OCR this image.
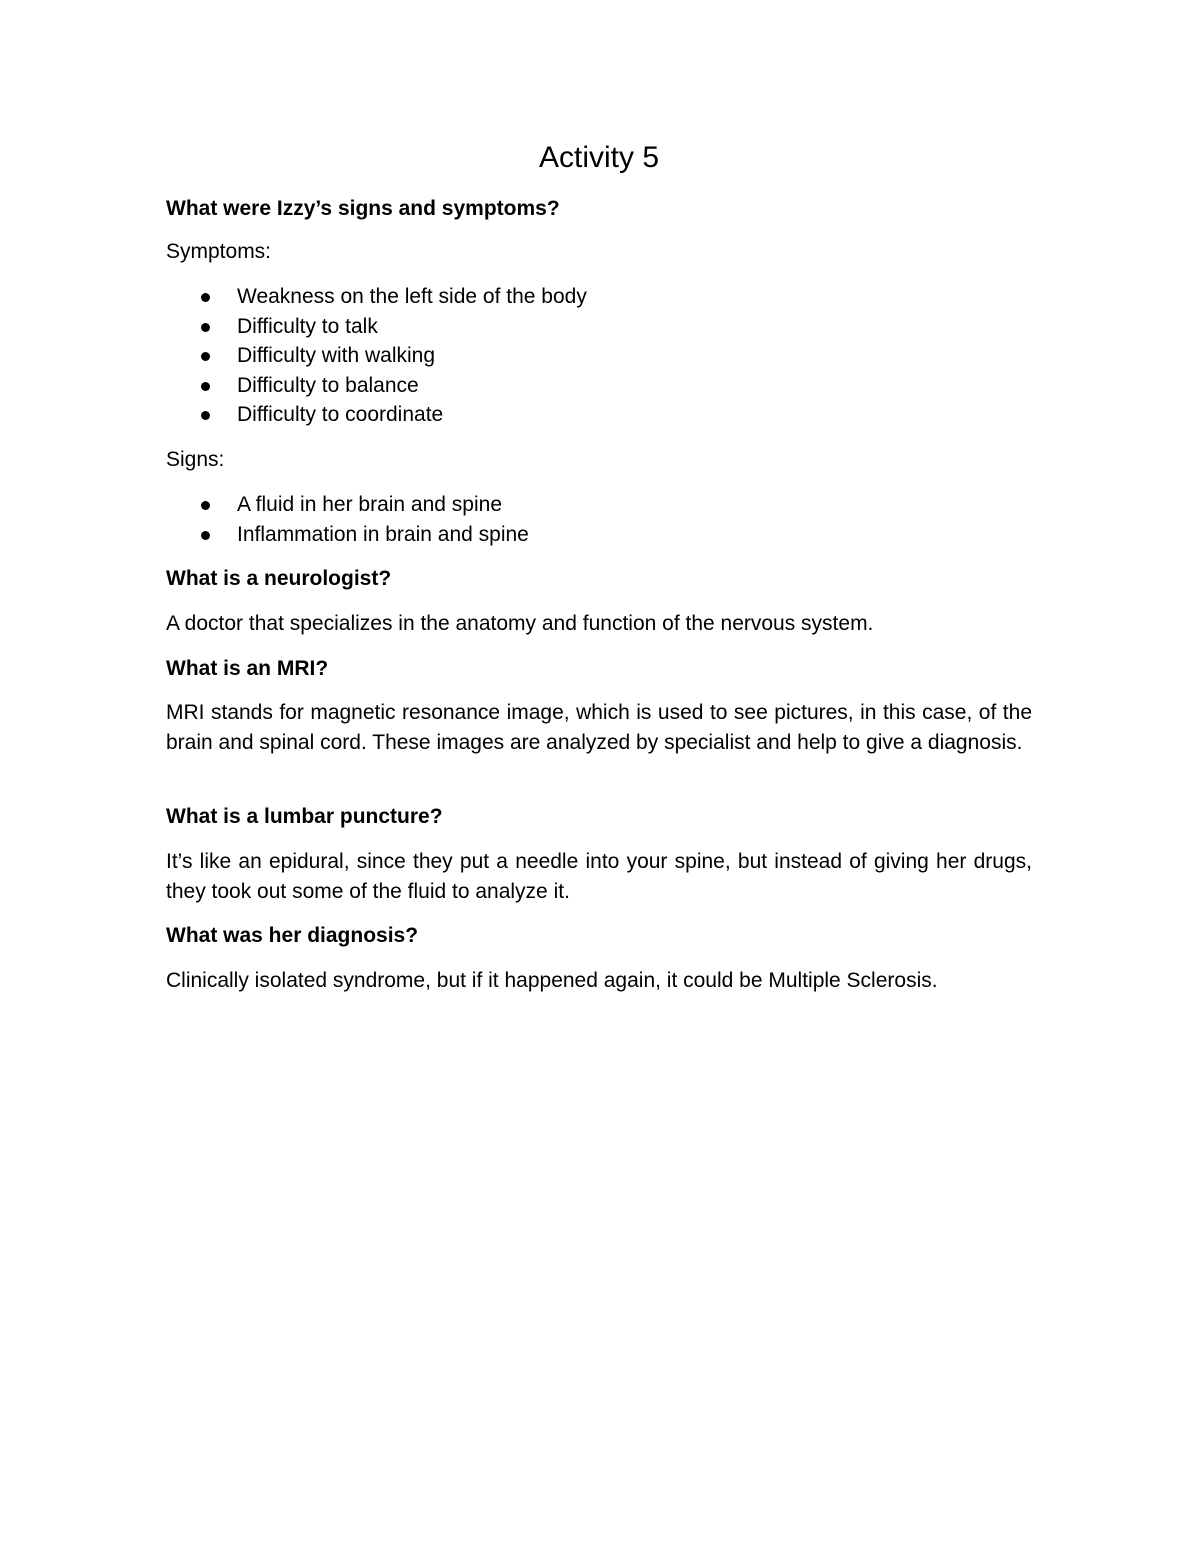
Activity 5

What were Izzy’s signs and symptoms?

Symptoms:

Weakness on the left side of the body
Difficulty to talk
Difficulty with walking
Difficulty to balance
Difficulty to coordinate

Signs:

A fluid in her brain and spine
Inflammation in brain and spine

What is a neurologist?

A doctor that specializes in the anatomy and function of the nervous system.

What is an MRI?

MRI stands for magnetic resonance image, which is used to see pictures, in this case, of the brain and spinal cord. These images are analyzed by specialist and help to give a diagnosis.

What is a lumbar puncture?

It’s like an epidural, since they put a needle into your spine, but instead of giving her drugs, they took out some of the fluid to analyze it.

What was her diagnosis?

Clinically isolated syndrome, but if it happened again, it could be Multiple Sclerosis.
